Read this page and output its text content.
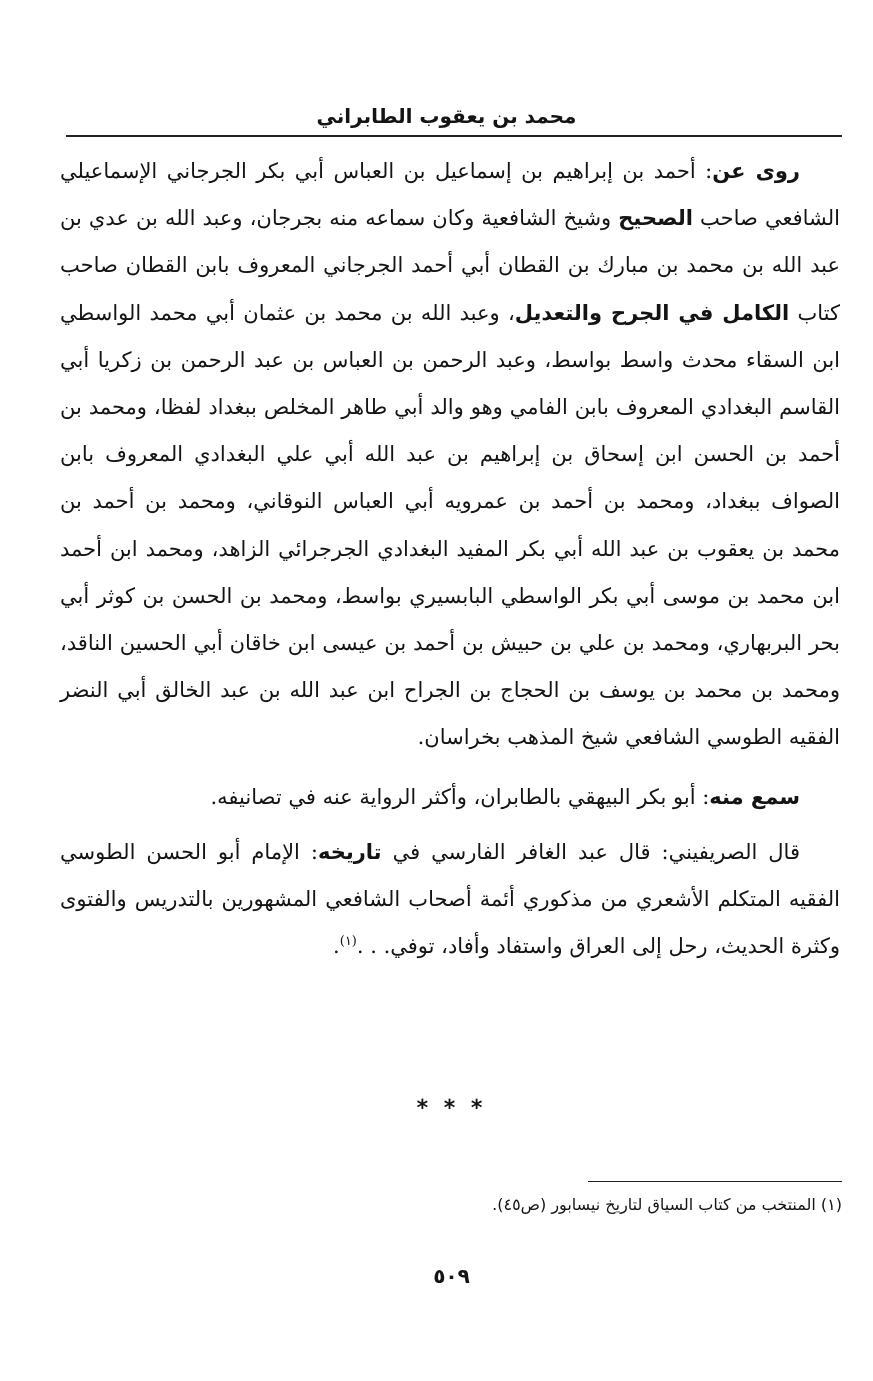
محمد بن يعقوب الطابراني

روى عن: أحمد بن إبراهيم بن إسماعيل بن العباس أبي بكر الجرجاني الإسماعيلي الشافعي صاحب الصحيح وشيخ الشافعية وكان سماعه منه بجرجان، وعبد الله بن عدي بن عبد الله بن محمد بن مبارك بن القطان أبي أحمد الجرجاني المعروف بابن القطان صاحب كتاب الكامل في الجرح والتعديل، وعبد الله بن محمد بن عثمان أبي محمد الواسطي ابن السقاء محدث واسط بواسط، وعبد الرحمن بن العباس بن عبد الرحمن بن زكريا أبي القاسم البغدادي المعروف بابن الفامي وهو والد أبي طاهر المخلص ببغداد لفظا، ومحمد بن أحمد بن الحسن ابن إسحاق بن إبراهيم بن عبد الله أبي علي البغدادي المعروف بابن الصواف ببغداد، ومحمد بن أحمد بن عمرويه أبي العباس النوقاني، ومحمد بن أحمد بن محمد بن يعقوب بن عبد الله أبي بكر المفيد البغدادي الجرجرائي الزاهد، ومحمد ابن أحمد ابن محمد بن موسى أبي بكر الواسطي البابسيري بواسط، ومحمد بن الحسن بن كوثر أبي بحر البربهاري، ومحمد بن علي بن حبيش بن أحمد بن عيسى ابن خاقان أبي الحسين الناقد، ومحمد بن محمد بن يوسف بن الحجاج بن الجراح ابن عبد الله بن عبد الخالق أبي النضر الفقيه الطوسي الشافعي شيخ المذهب بخراسان.

سمع منه: أبو بكر البيهقي بالطابران، وأكثر الرواية عنه في تصانيفه.

قال الصريفيني: قال عبد الغافر الفارسي في تاريخه: الإمام أبو الحسن الطوسي الفقيه المتكلم الأشعري من مذكوري أئمة أصحاب الشافعي المشهورين بالتدريس والفتوى وكثرة الحديث، رحل إلى العراق واستفاد وأفاد، توفي. . .$^{(١)}$.

* * *
(١) المنتخب من كتاب السياق لتاريخ نيسابور (ص٤٥).
٥٠٩
